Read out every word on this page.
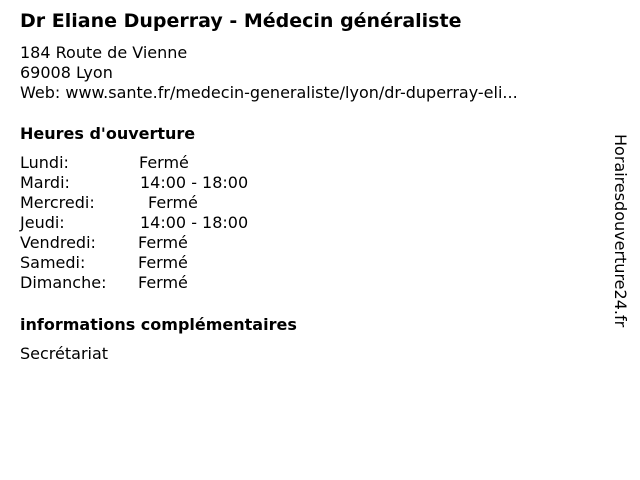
Dr Eliane Duperray - Médecin généraliste
184 Route de Vienne
69008 Lyon
Web: www.sante.fr/medecin-generaliste/lyon/dr-duperray-eli...
Heures d'ouverture
Lundi:	Fermé
Mardi:	14:00 - 18:00
Mercredi:	Fermé
Jeudi:	14:00 - 18:00
Vendredi:	Fermé
Samedi:	Fermé
Dimanche: Fermé
informations complémentaires
Secrétariat
Horairesdouverture24.fr
